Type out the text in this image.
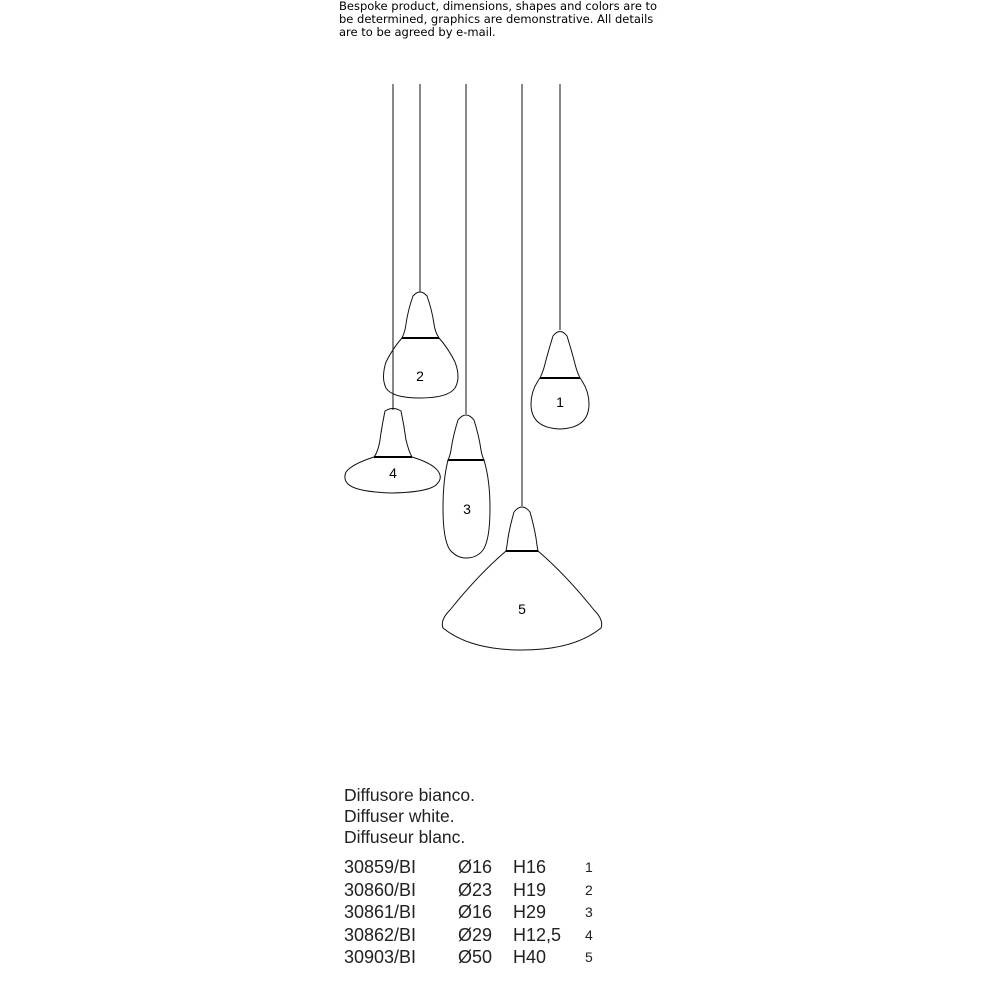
Bespoke product, dimensions, shapes and colors are to be determined, graphics are demonstrative. All details are to be agreed by e-mail.
4
2
3
5
1
Diffusore bianco.
Diffuser white.
Diffuseur blanc.
30859/BI	Ø16	H16	1
30860/BI	Ø23	H19	2
30861/BI	Ø16	H29	3
30862/BI	Ø29	H12,5	4
30903/BI	Ø50	H40	5
